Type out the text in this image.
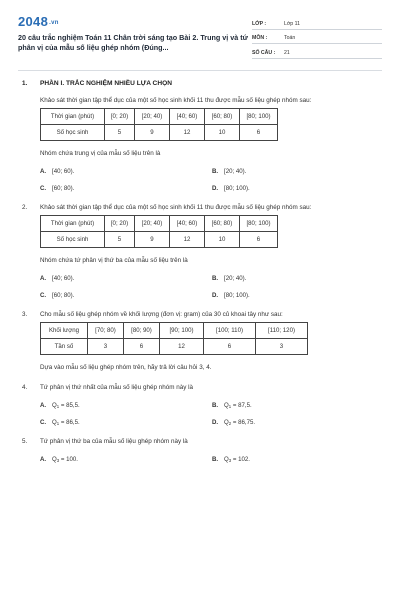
2048.vn
20 câu trắc nghiệm Toán 11 Chân trời sáng tạo Bài 2. Trung vị và tứ phân vị của mẫu số liệu ghép nhóm (Đúng...
LỚP :	Lớp 11
MÔN :	Toán
SỐ CÂU :	21
1. PHẦN I. TRẮC NGHIỆM NHIỀU LỰA CHỌN
Khảo sát thời gian tập thể dục của một số học sinh khối 11 thu được mẫu số liệu ghép nhóm sau:
Thời gian (phút)	[0; 20)	[20; 40)	[40; 60)	[60; 80)	[80; 100)
Số học sinh	5	9	12	10	6
Nhóm chứa trung vị của mẫu số liệu trên là
A. [40; 60).	B. [20; 40).
C. [60; 80).	D. [80; 100).
2. Khảo sát thời gian tập thể dục của một số học sinh khối 11 thu được mẫu số liệu ghép nhóm sau:
Thời gian (phút)	[0; 20)	[20; 40)	[40; 60)	[60; 80)	[80; 100)
Số học sinh	5	9	12	10	6
Nhóm chứa tứ phân vị thứ ba của mẫu số liệu trên là
A. [40; 60).	B. [20; 40).
C. [60; 80).	D. [80; 100).
3. Cho mẫu số liệu ghép nhóm về khối lượng (đơn vị: gram) của 30 củ khoai tây như sau:
Khối lượng	[70; 80)	[80; 90)	[90; 100)	[100; 110)	[110; 120)
Tần số	3	6	12	6	3
Dựa vào mẫu số liệu ghép nhóm trên, hãy trả lời câu hỏi 3, 4.
4. Tứ phân vị thứ nhất của mẫu số liệu ghép nhóm này là
A. $Q_1 = 85,5$.	B. $Q_1 = 87,5$.
C. $Q_1 = 86,5$.	D. $Q_2 = 86,75$.
5. Tứ phân vị thứ ba của mẫu số liệu ghép nhóm này là
A. $Q_3 = 100$.	B. $Q_3 = 102$.
